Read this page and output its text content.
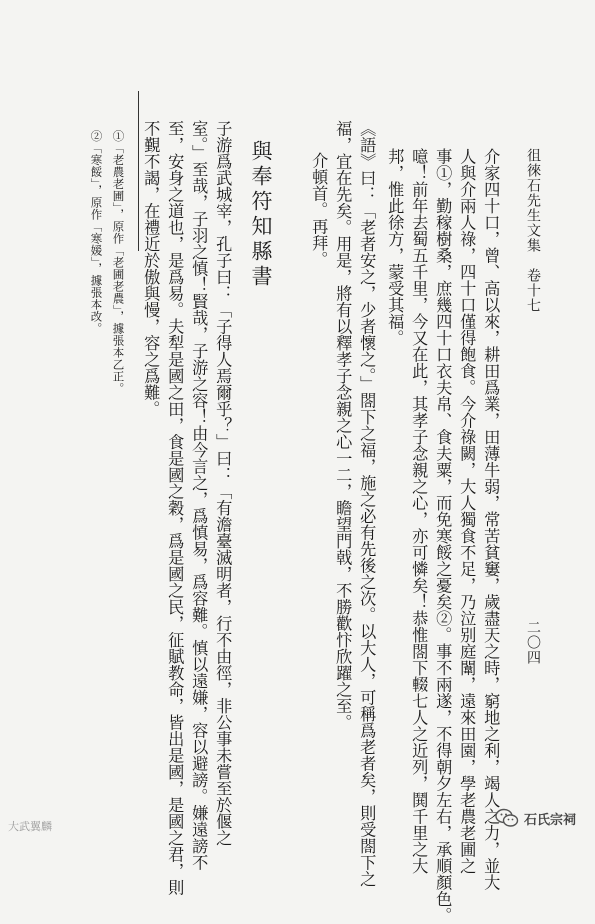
徂徠石先生文集　卷十七
二〇四
介家四十口，曾、高以來，耕田爲業，田薄牛弱，常苦貧窶，歲盡天之時，窮地之利，竭人之力，並大
人與介兩人祿，四十口僅得飽食。今介祿闕，大人獨食不足，乃泣别庭闈，遠來田園，學老農老圃之
事①，勤稼樹桑，庶幾四十口衣夫帛、食夫粟，而免寒餒之憂矣②。事不兩遂，不得朝夕左右，承順顏色。
噫！前年去蜀五千里，今又在此，其孝子念親之心，亦可憐矣！恭惟閤下輟七人之近列，鬨千里之大
邦，惟此徐方，蒙受其福。
《語》曰：「老者安之，少者懷之。」閤下之福，施之必有先後之次。以大人，可稱爲老者矣，則受閤下之
福，宜在先矣。用是，將有以釋孝子念親之心一二，瞻望門戟，不勝歡忭欣躍之至。
介頓首。再拜。
與奉符知縣書
子游爲武城宰，孔子曰：「子得人焉爾乎？」曰：「有澹臺滅明者，行不由徑，非公事未嘗至於偃之
室。」至哉，子羽之慎！賢哉，子游之容！由今言之，爲慎易，爲容難。慎以遠嫌，容以避謗。嫌遠謗不
至，安身之道也，是爲易。夫犁是國之田，食是國之穀，爲是國之民，征賦教命，皆出是國，是國之君，則
不覲不謁，在禮近於傲與慢，容之爲難。
①「老農老圃」，原作「老圃老農」，據張本乙正。
②「寒餒」，原作「寒媛」，據張本改。
大武翼麟	石氏宗祠
